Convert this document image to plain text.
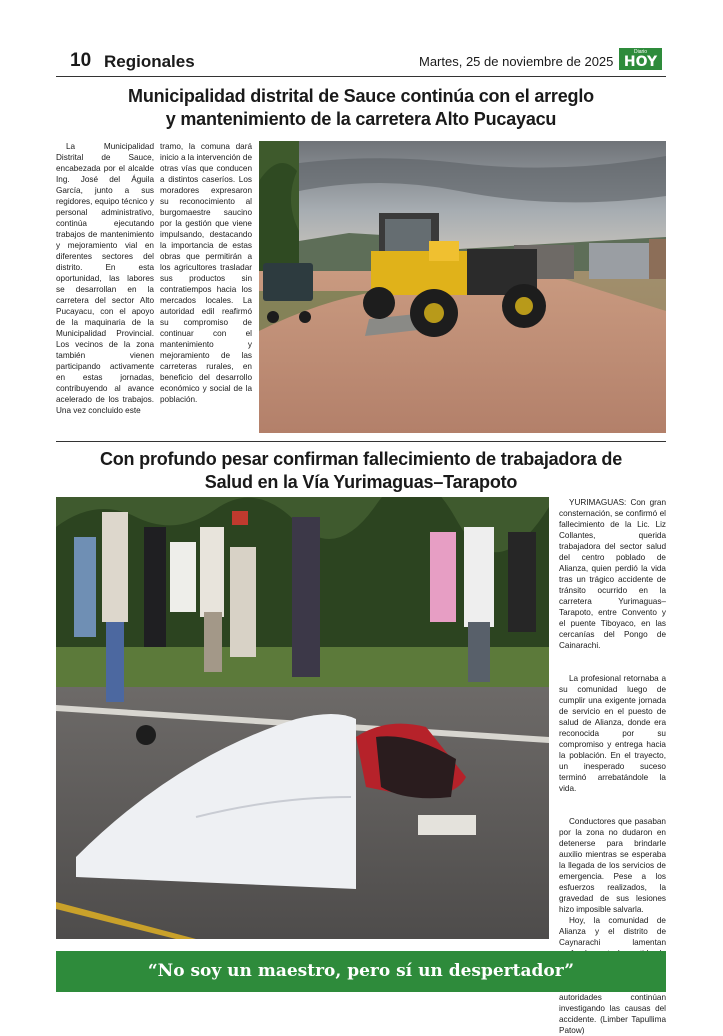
10 Regionales	Martes, 25 de noviembre de 2025
Diario
HOY
Municipalidad distrital de Sauce continúa con el arreglo
y mantenimiento de la carretera Alto Pucayacu

La Municipalidad Distrital de Sauce, encabezada por el alcalde Ing. José del Águila García, junto a sus regidores, equipo técnico y personal administrativo, continúa ejecutando trabajos de mantenimiento y mejoramiento vial en diferentes sectores del distrito. En esta oportunidad, las labores se desarrollan en la carretera del sector Alto Pucayacu, con el apoyo de la maquinaria de la Municipalidad Provincial. Los vecinos de la zona también vienen participando activamente en estas jornadas, contribuyendo al avance acelerado de los trabajos. Una vez concluido este

tramo, la comuna dará inicio a la intervención de otras vías que conducen a distintos caseríos. Los moradores expresaron su reconocimiento al burgomaestre saucino por la gestión que viene impulsando, destacando la importancia de estas obras que permitirán a los agricultores trasladar sus productos sin contratiempos hacia los mercados locales. La autoridad edil reafirmó su compromiso de continuar con el mantenimiento y mejoramiento de las carreteras rurales, en beneficio del desarrollo económico y social de la población.

Con profundo pesar confirman fallecimiento de trabajadora de
Salud en la Vía Yurimaguas–Tarapoto

YURIMAGUAS: Con gran consternación, se confirmó el fallecimiento de la Lic. Liz Collantes, querida trabajadora del sector salud del centro poblado de Alianza, quien perdió la vida tras un trágico accidente de tránsito ocurrido en la carretera Yurimaguas–Tarapoto, entre Convento y el puente Tiboyaco, en las cercanías del Pongo de Cainarachi.

La profesional retornaba a su comunidad luego de cumplir una exigente jornada de servicio en el puesto de salud de Alianza, donde era reconocida por su compromiso y entrega hacia la población. En el trayecto, un inesperado suceso terminó arrebatándole la vida.

Conductores que pasaban por la zona no dudaron en detenerse para brindarle auxilio mientras se esperaba la llegada de los servicios de emergencia. Pese a los esfuerzos realizados, la gravedad de sus lesiones hizo imposible salvarla.

Hoy, la comunidad de Alianza y el distrito de Caynarachi lamentan autoridades continúan investigando las causas del accidente. (Limber Tapullima Patow)

“No soy un maestro, pero sí un despertador”
